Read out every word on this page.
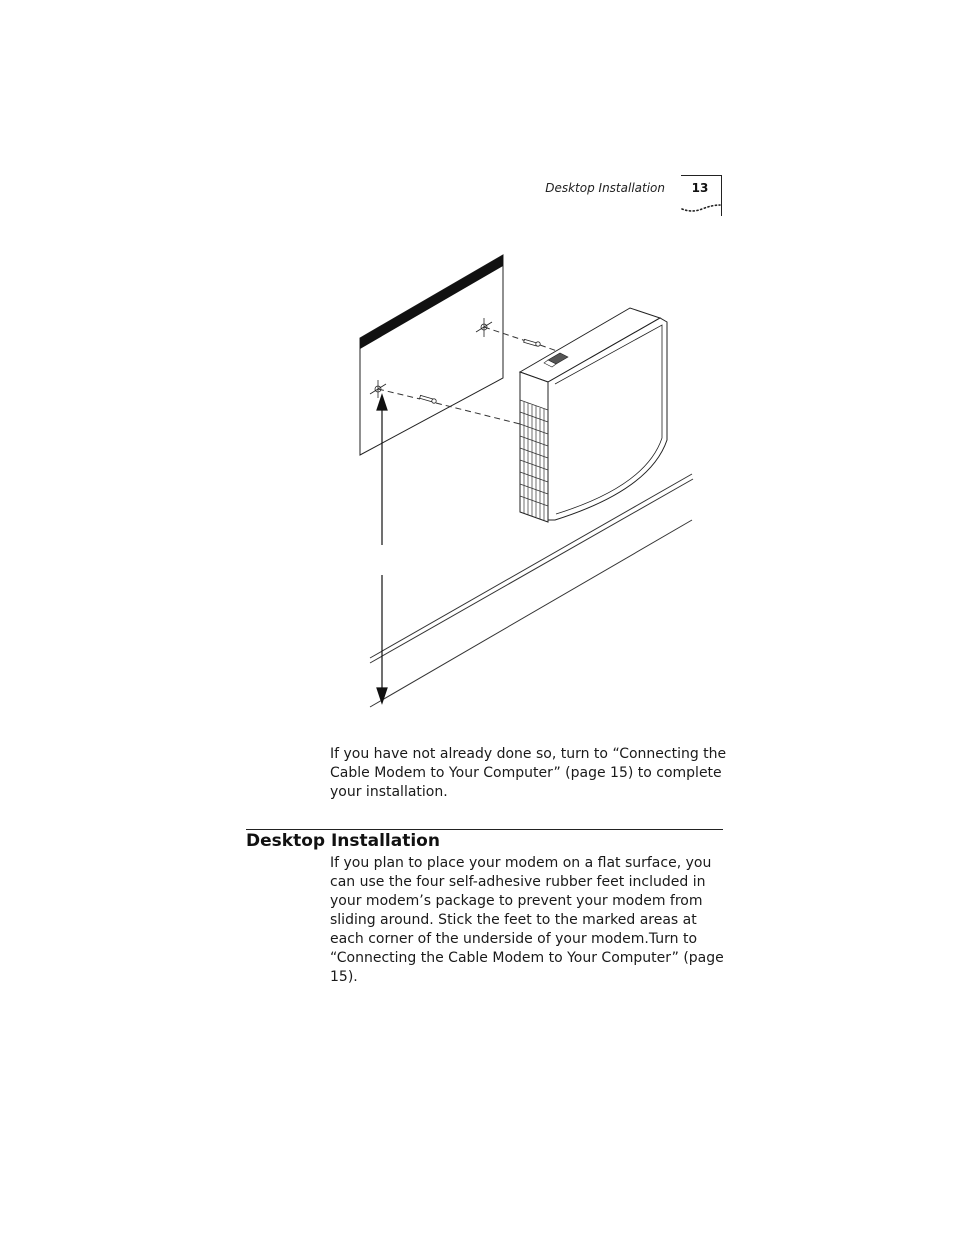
Desktop Installation	13
If you have not already done so, turn to “Connecting the Cable Modem to Your Computer” (page 15) to complete your installation.
Desktop Installation
If you plan to place your modem on a flat surface, you can use the four self-adhesive rubber feet included in your modem’s package to prevent your modem from sliding around. Stick the feet to the marked areas at each corner of the underside of your modem.Turn to “Connecting the Cable Modem to Your Computer” (page 15).
